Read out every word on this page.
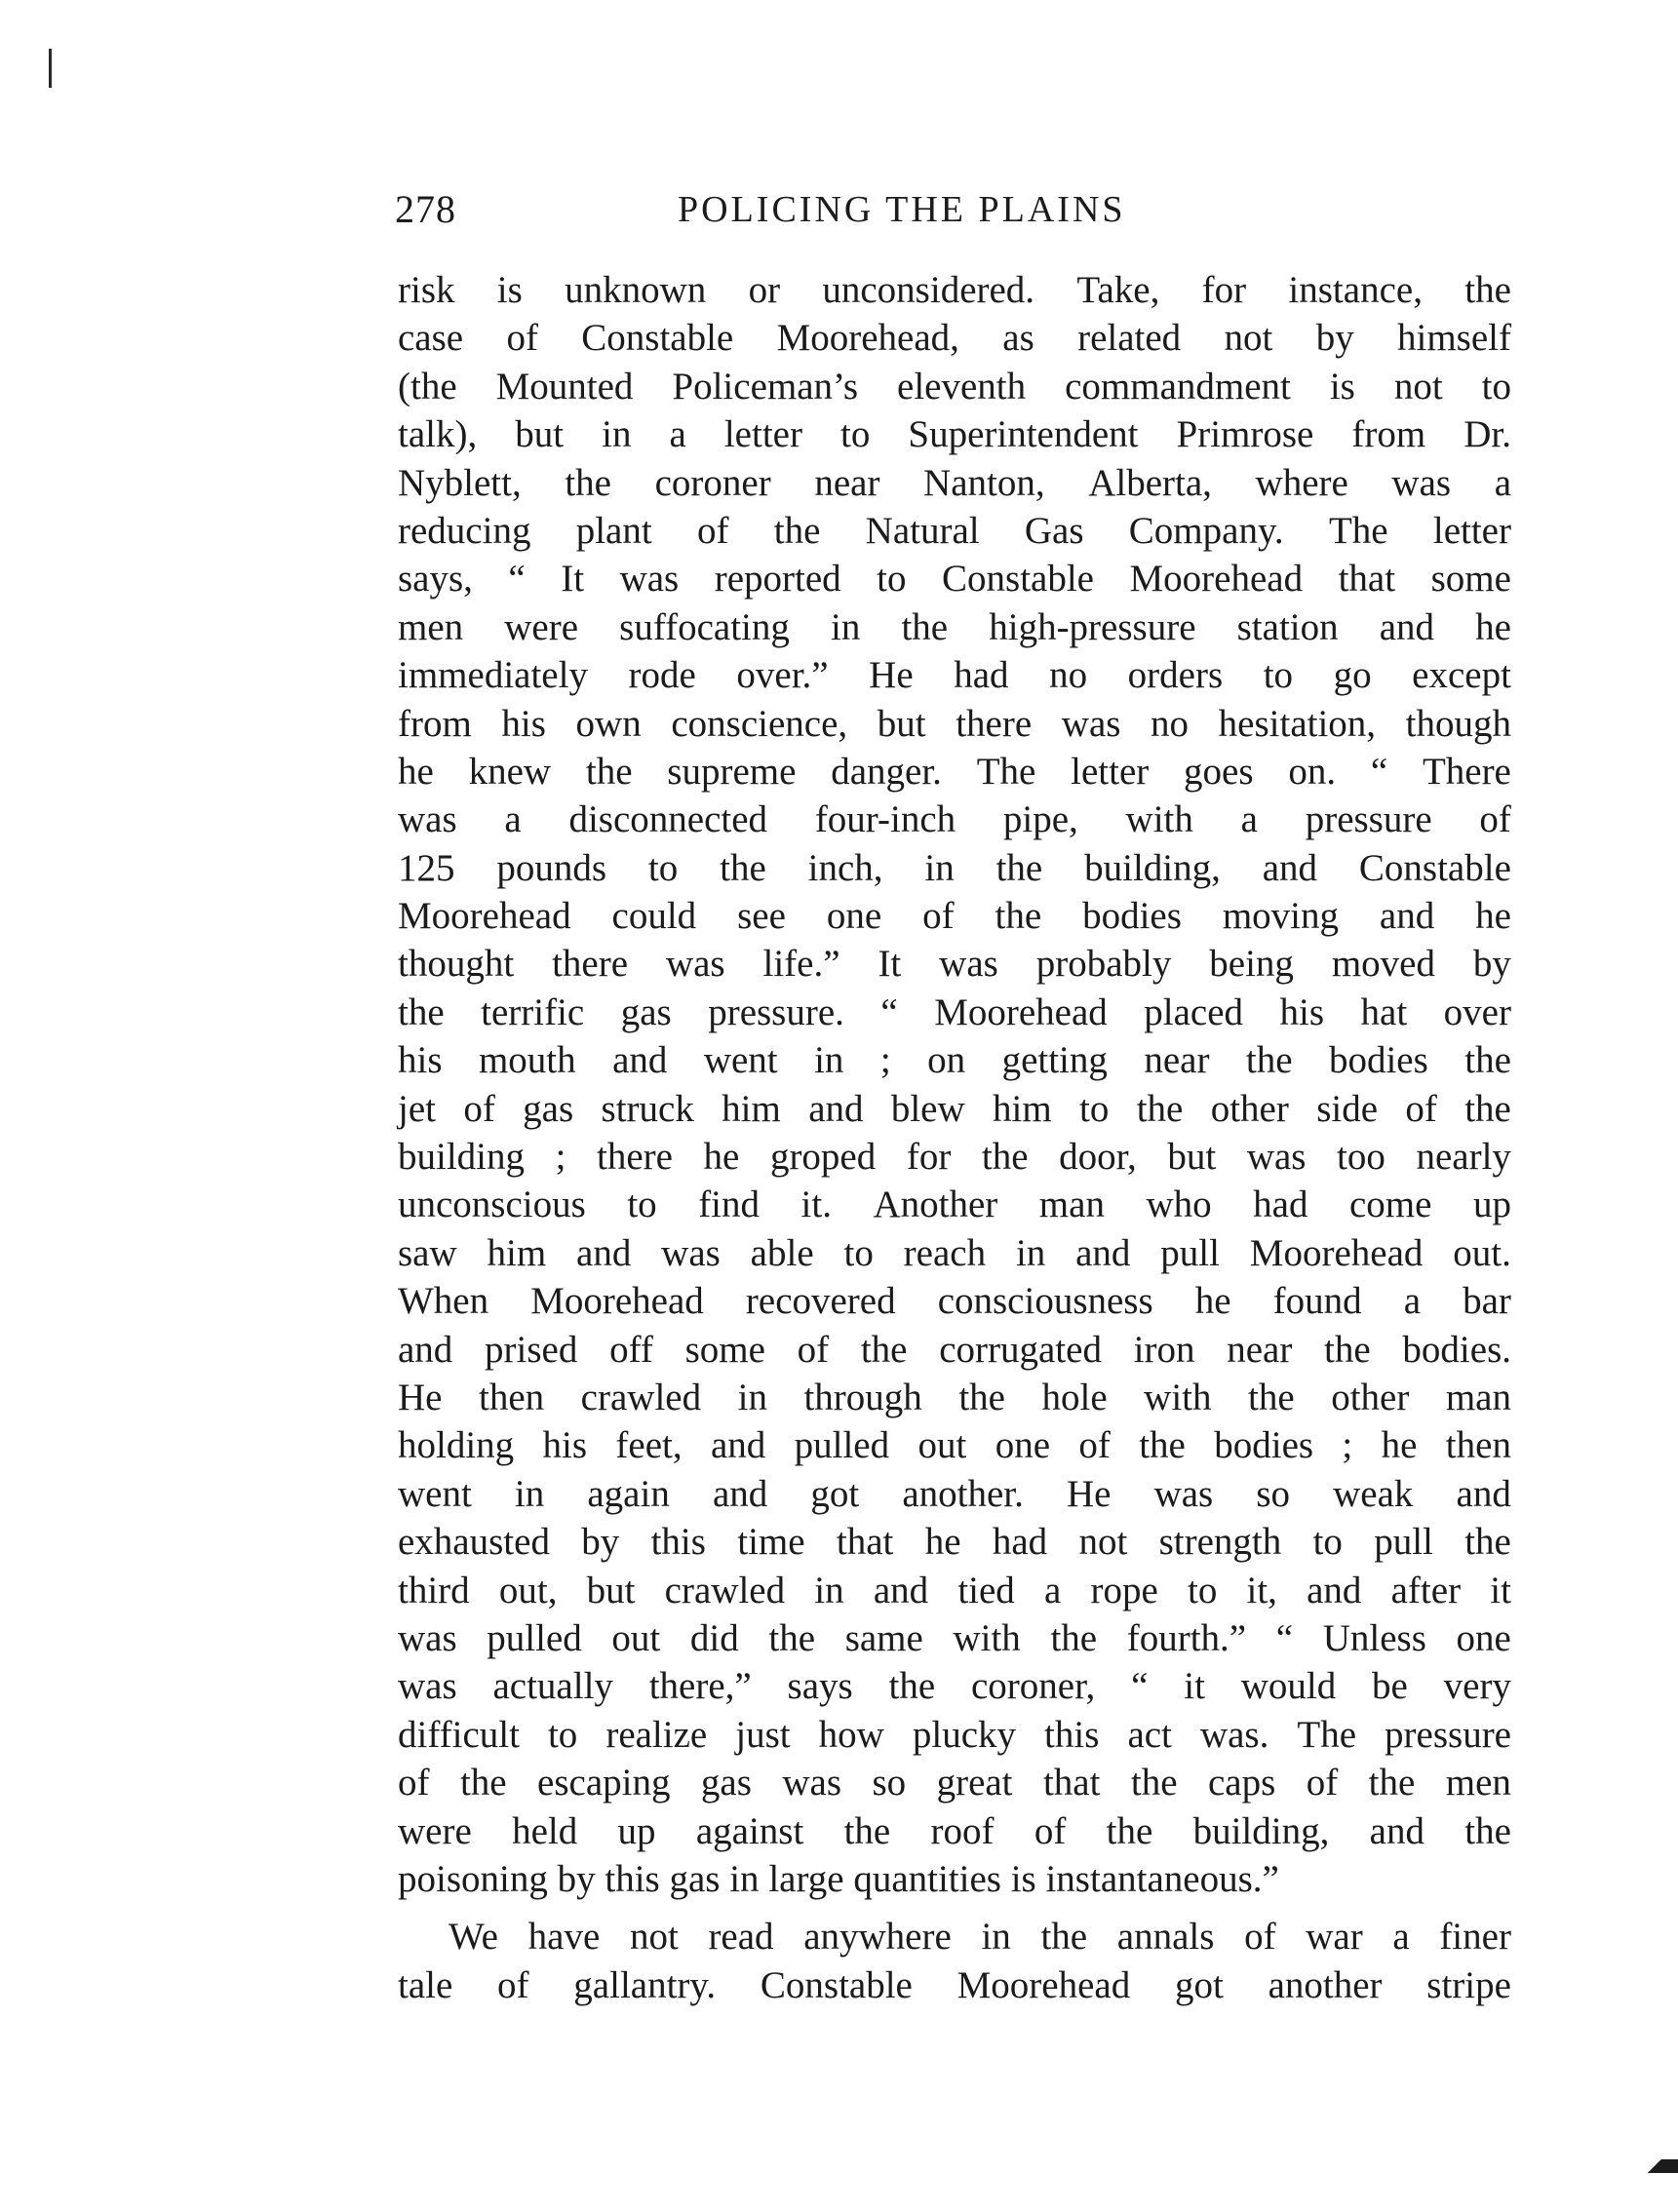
278	POLICING THE PLAINS
risk is unknown or unconsidered. Take, for instance, the
case of Constable Moorehead, as related not by himself
(the Mounted Policeman’s eleventh commandment is not to
talk), but in a letter to Superintendent Primrose from Dr.
Nyblett, the coroner near Nanton, Alberta, where was a
reducing plant of the Natural Gas Company. The letter
says, “ It was reported to Constable Moorehead that some
men were suffocating in the high-pressure station and he
immediately rode over.” He had no orders to go except
from his own conscience, but there was no hesitation, though
he knew the supreme danger. The letter goes on. “ There
was a disconnected four-inch pipe, with a pressure of
125 pounds to the inch, in the building, and Constable
Moorehead could see one of the bodies moving and he
thought there was life.” It was probably being moved by
the terrific gas pressure. “ Moorehead placed his hat over
his mouth and went in ; on getting near the bodies the
jet of gas struck him and blew him to the other side of the
building ; there he groped for the door, but was too nearly
unconscious to find it. Another man who had come up
saw him and was able to reach in and pull Moorehead out.
When Moorehead recovered consciousness he found a bar
and prised off some of the corrugated iron near the bodies.
He then crawled in through the hole with the other man
holding his feet, and pulled out one of the bodies ; he then
went in again and got another. He was so weak and
exhausted by this time that he had not strength to pull the
third out, but crawled in and tied a rope to it, and after it
was pulled out did the same with the fourth.” “ Unless one
was actually there,” says the coroner, “ it would be very
difficult to realize just how plucky this act was. The pressure
of the escaping gas was so great that the caps of the men
were held up against the roof of the building, and the
poisoning
by
this
gas
in
large
quantities
is
instantaneous.”
We have not read anywhere in the annals of war a finer
tale of gallantry. Constable Moorehead got another stripe
